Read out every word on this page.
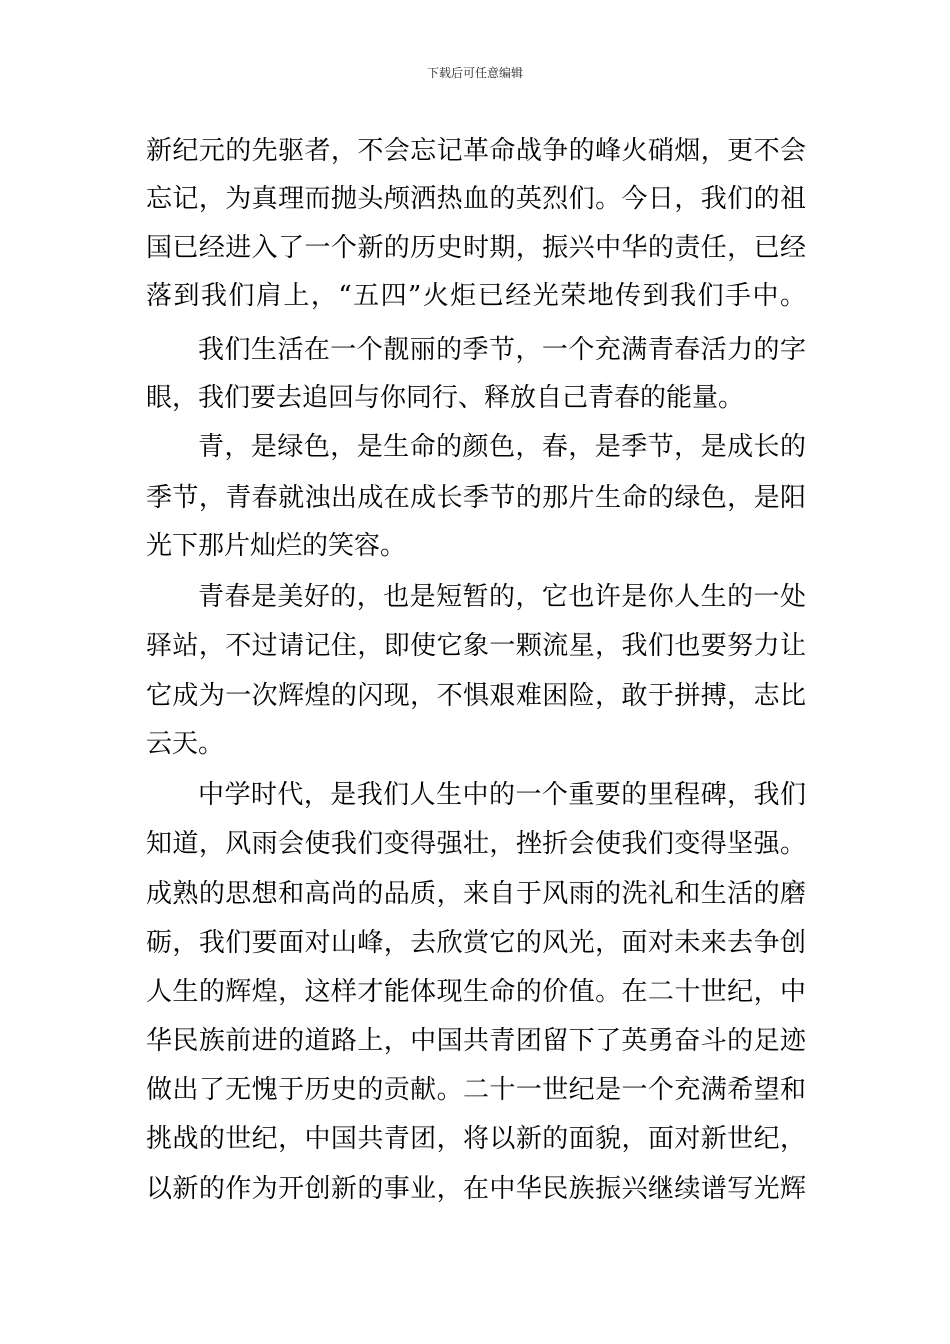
下载后可任意编辑
新纪元的先驱者，不会忘记革命战争的峰火硝烟，更不会
忘记，为真理而抛头颅洒热血的英烈们。今日，我们的祖
国已经进入了一个新的历史时期，振兴中华的责任，已经
落到我们肩上，“五四”火炬已经光荣地传到我们手中。
我们生活在一个靓丽的季节，一个充满青春活力的字
眼，我们要去追回与你同行、释放自己青春的能量。
青，是绿色，是生命的颜色，春，是季节，是成长的
季节，青春就浊出成在成长季节的那片生命的绿色，是阳
光下那片灿烂的笑容。
青春是美好的，也是短暂的，它也许是你人生的一处
驿站，不过请记住，即使它象一颗流星，我们也要努力让
它成为一次辉煌的闪现，不惧艰难困险，敢于拼搏，志比
云天。
中学时代，是我们人生中的一个重要的里程碑，我们
知道，风雨会使我们变得强壮，挫折会使我们变得坚强。
成熟的思想和高尚的品质，来自于风雨的洗礼和生活的磨
砺，我们要面对山峰，去欣赏它的风光，面对未来去争创
人生的辉煌，这样才能体现生命的价值。在二十世纪，中
华民族前进的道路上，中国共青团留下了英勇奋斗的足迹
做出了无愧于历史的贡献。二十一世纪是一个充满希望和
挑战的世纪，中国共青团，将以新的面貌，面对新世纪，
以新的作为开创新的事业，在中华民族振兴继续谱写光辉
